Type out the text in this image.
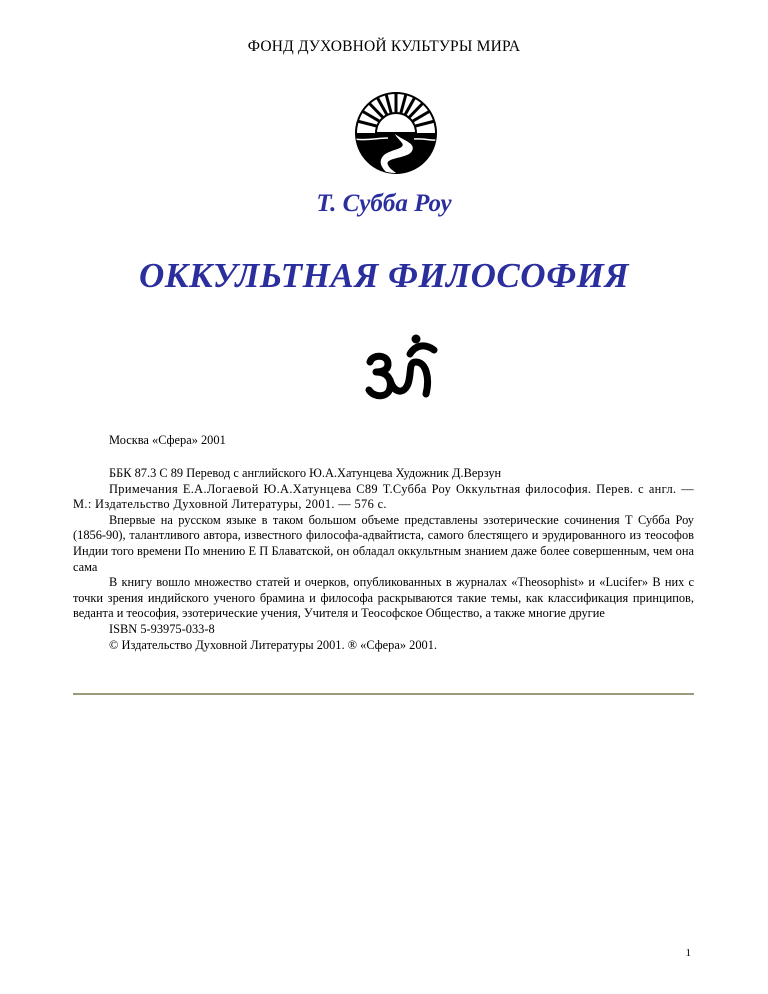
ФОНД ДУХОВНОЙ КУЛЬТУРЫ МИРА
Т. Субба Роу
ОККУЛЬТНАЯ ФИЛОСОФИЯ
Москва «Сфера» 2001

ББК 87.3 С 89 Перевод с английского Ю.А.Хатунцева Художник Д.Верзун

Примечания Е.А.Логаевой Ю.А.Хатунцева С89 Т.Субба Роу Оккультная философия. Перев. с англ. — М.: Издательство Духовной Литературы, 2001. — 576 с.

Впервые на русском языке в таком большом объеме представлены эзотерические сочинения Т Субба Роу (1856-90), талантливого автора, известного философа-адвайтиста, самого блестящего и эрудированного из теософов Индии того времени По мнению Е П Блаватской, он обладал оккультным знанием даже более совершенным, чем она сама

В книгу вошло множество статей и очерков, опубликованных в журналах «Theosophist» и «Lucifer» В них с точки зрения индийского ученого брамина и философа раскрываются такие темы, как классификация принципов, веданта и теософия, эзотерические учения, Учителя и Теософское Общество, а также многие другие

ISBN 5-93975-033-8

© Издательство Духовной Литературы 2001. ® «Сфера» 2001.

1
